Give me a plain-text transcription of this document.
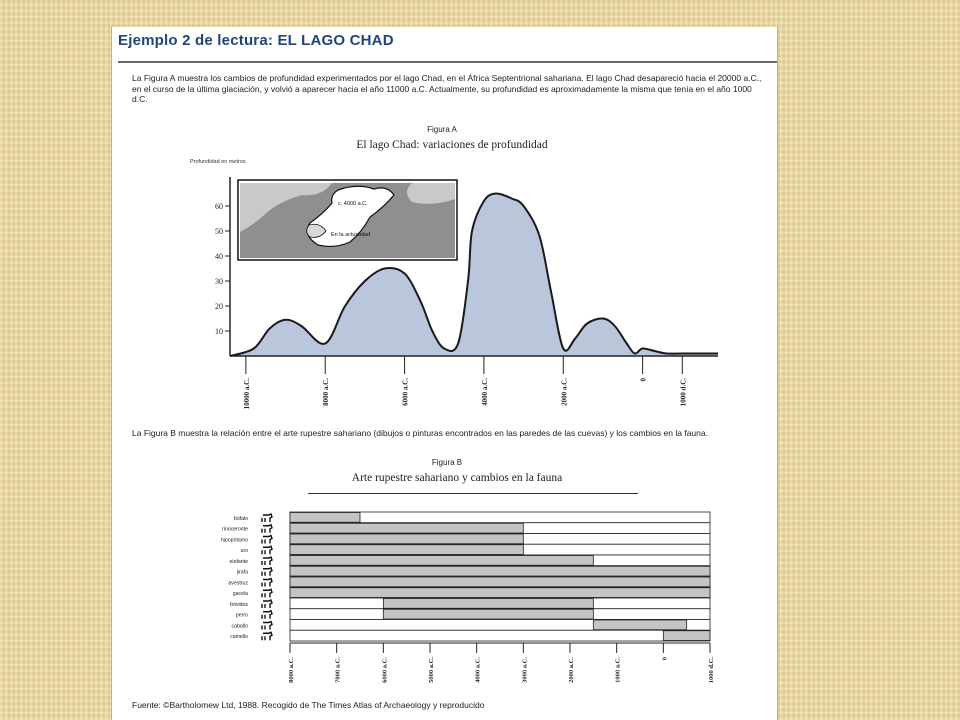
Ejemplo 2 de lectura: EL LAGO CHAD
La Figura A muestra los cambios de profundidad experimentados por el lago Chad, en el África Septentrional sahariana. El lago Chad desapareció hacia el 20000 a.C., en el curso de la última glaciación, y volvió a aparecer hacia el año 11000 a.C. Actualmente, su profundidad es aproximadamente la misma que tenía en el año 1000 d.C.
Figura A
El lago Chad: variaciones de profundidad
Profundidad en metros
10
20
30
40
50
60
10000 a.C.	8000 a.C.	6000 a.C.	4000 a.C.	2000 a.C.	0	1000 d.C.
c. 4000 a.C.
En la actualidad
La Figura B muestra la relación entre el arte rupestre sahariano (dibujos o pinturas encontrados en las paredes de las cuevas) y los cambios en la fauna.
Figura B
Arte rupestre sahariano y cambios en la fauna
búfalo
rinoceronte
hipopótamo
uro
elefante
jirafa
avestruz
gacela
bóvidos
perro
caballo
camello
8000 a.C.	7000 a.C.	6000 a.C.	5000 a.C.	4000 a.C.	3000 a.C.	2000 a.C.	1000 a.C.	0	1000 d.C.
Fuente: ©Bartholomew Ltd, 1988. Recogido de The Times Atlas of Archaeology y reproducido
